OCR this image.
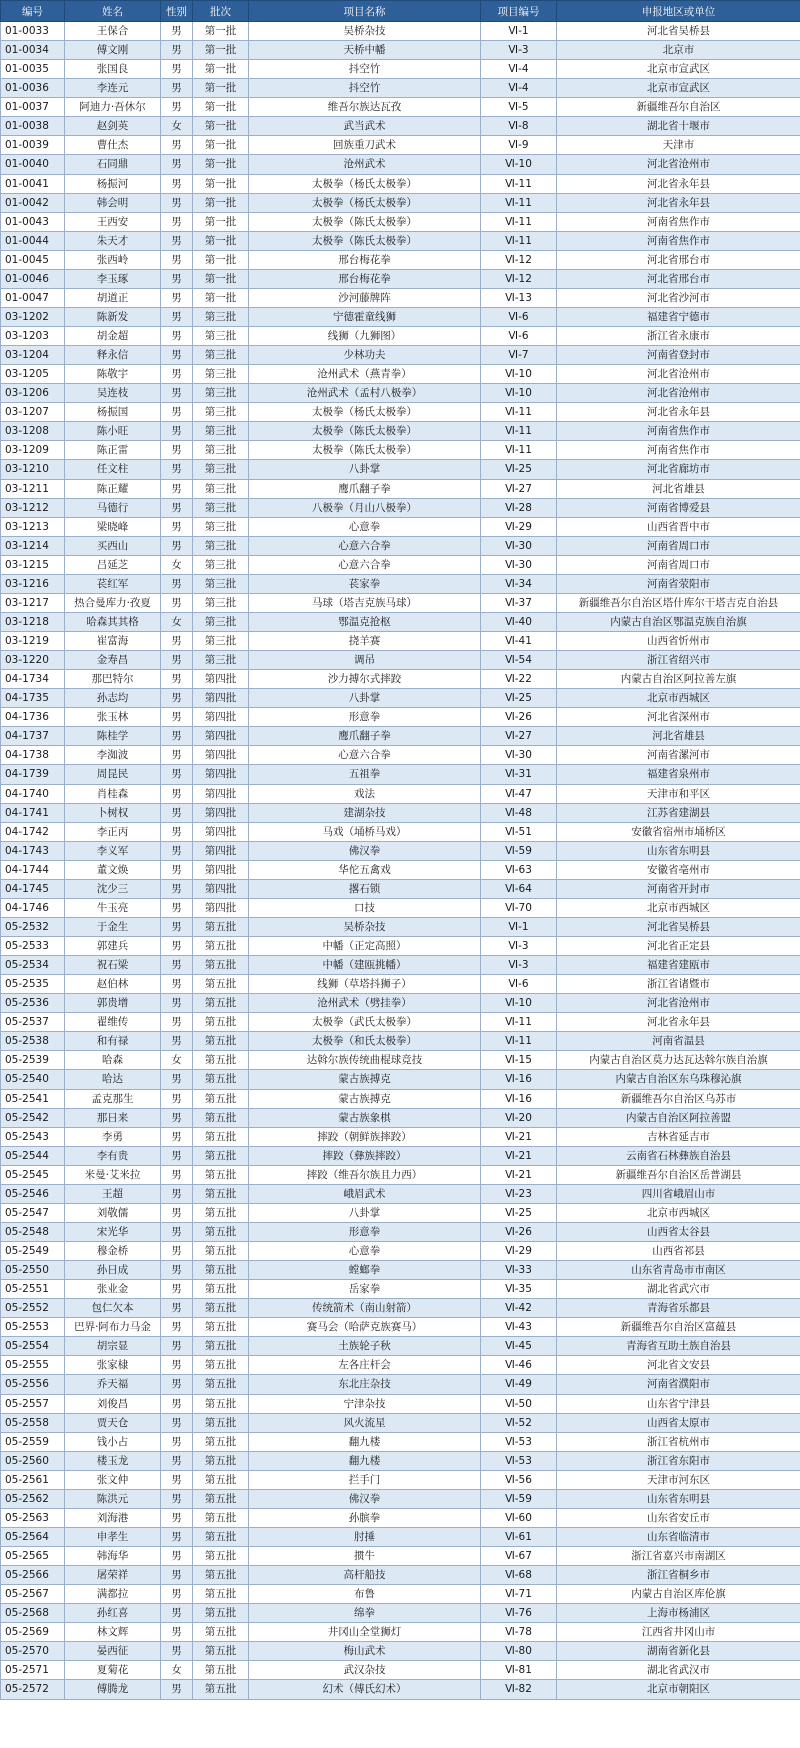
编号	姓名	性别	批次	项目名称	项目编号	申报地区或单位
01-0033	王保合	男	第一批	吴桥杂技	Ⅵ-1	河北省吴桥县
01-0034	傅文刚	男	第一批	天桥中幡	Ⅵ-3	北京市
01-0035	张国良	男	第一批	抖空竹	Ⅵ-4	北京市宣武区
01-0036	李连元	男	第一批	抖空竹	Ⅵ-4	北京市宣武区
01-0037	阿迪力·吾休尔	男	第一批	维吾尔族达瓦孜	Ⅵ-5	新疆维吾尔自治区
01-0038	赵剑英	女	第一批	武当武术	Ⅵ-8	湖北省十堰市
01-0039	曹仕杰	男	第一批	回族重刀武术	Ⅵ-9	天津市
01-0040	石同鼎	男	第一批	沧州武术	Ⅵ-10	河北省沧州市
01-0041	杨振河	男	第一批	太极拳（杨氏太极拳）	Ⅵ-11	河北省永年县
01-0042	韩会明	男	第一批	太极拳（杨氏太极拳）	Ⅵ-11	河北省永年县
01-0043	王西安	男	第一批	太极拳（陈氏太极拳）	Ⅵ-11	河南省焦作市
01-0044	朱天才	男	第一批	太极拳（陈氏太极拳）	Ⅵ-11	河南省焦作市
01-0045	张西岭	男	第一批	邢台梅花拳	Ⅵ-12	河北省邢台市
01-0046	李玉琢	男	第一批	邢台梅花拳	Ⅵ-12	河北省邢台市
01-0047	胡道正	男	第一批	沙河藤牌阵	Ⅵ-13	河北省沙河市
03-1202	陈新发	男	第三批	宁德霍童线狮	Ⅵ-6	福建省宁德市
03-1203	胡金超	男	第三批	线狮（九狮图）	Ⅵ-6	浙江省永康市
03-1204	释永信	男	第三批	少林功夫	Ⅵ-7	河南省登封市
03-1205	陈敬宇	男	第三批	沧州武术（燕青拳）	Ⅵ-10	河北省沧州市
03-1206	吴连枝	男	第三批	沧州武术（孟村八极拳）	Ⅵ-10	河北省沧州市
03-1207	杨振国	男	第三批	太极拳（杨氏太极拳）	Ⅵ-11	河北省永年县
03-1208	陈小旺	男	第三批	太极拳（陈氏太极拳）	Ⅵ-11	河南省焦作市
03-1209	陈正雷	男	第三批	太极拳（陈氏太极拳）	Ⅵ-11	河南省焦作市
03-1210	任文柱	男	第三批	八卦掌	Ⅵ-25	河北省廊坊市
03-1211	陈正耀	男	第三批	鹰爪翻子拳	Ⅵ-27	河北省雄县
03-1212	马德行	男	第三批	八极拳（月山八极拳）	Ⅵ-28	河南省博爱县
03-1213	梁晓峰	男	第三批	心意拳	Ⅵ-29	山西省晋中市
03-1214	买西山	男	第三批	心意六合拳	Ⅵ-30	河南省周口市
03-1215	吕延芝	女	第三批	心意六合拳	Ⅵ-30	河南省周口市
03-1216	苌红军	男	第三批	苌家拳	Ⅵ-34	河南省荥阳市
03-1217	热合曼库力·孜夏	男	第三批	马球（塔吉克族马球）	Ⅵ-37	新疆维吾尔自治区塔什库尔干塔吉克自治县
03-1218	哈森其其格	女	第三批	鄂温克抢枢	Ⅵ-40	内蒙古自治区鄂温克族自治旗
03-1219	崔富海	男	第三批	挠羊赛	Ⅵ-41	山西省忻州市
03-1220	金寿昌	男	第三批	调吊	Ⅵ-54	浙江省绍兴市
04-1734	那巴特尔	男	第四批	沙力搏尔式摔跤	Ⅵ-22	内蒙古自治区阿拉善左旗
04-1735	孙志均	男	第四批	八卦掌	Ⅵ-25	北京市西城区
04-1736	张玉林	男	第四批	形意拳	Ⅵ-26	河北省深州市
04-1737	陈桂学	男	第四批	鹰爪翻子拳	Ⅵ-27	河北省雄县
04-1738	李洳波	男	第四批	心意六合拳	Ⅵ-30	河南省漯河市
04-1739	周昆民	男	第四批	五祖拳	Ⅵ-31	福建省泉州市
04-1740	肖桂森	男	第四批	戏法	Ⅵ-47	天津市和平区
04-1741	卜树权	男	第四批	建湖杂技	Ⅵ-48	江苏省建湖县
04-1742	李正丙	男	第四批	马戏（埇桥马戏）	Ⅵ-51	安徽省宿州市埇桥区
04-1743	李义军	男	第四批	佛汉拳	Ⅵ-59	山东省东明县
04-1744	董文焕	男	第四批	华佗五禽戏	Ⅵ-63	安徽省亳州市
04-1745	沈少三	男	第四批	撂石锁	Ⅵ-64	河南省开封市
04-1746	牛玉亮	男	第四批	口技	Ⅵ-70	北京市西城区
05-2532	于金生	男	第五批	吴桥杂技	Ⅵ-1	河北省吴桥县
05-2533	郭建兵	男	第五批	中幡（正定高照）	Ⅵ-3	河北省正定县
05-2534	祝石梁	男	第五批	中幡（建瓯挑幡）	Ⅵ-3	福建省建瓯市
05-2535	赵伯林	男	第五批	线狮（草塔抖狮子）	Ⅵ-6	浙江省诸暨市
05-2536	郭贵增	男	第五批	沧州武术（劈挂拳）	Ⅵ-10	河北省沧州市
05-2537	翟维传	男	第五批	太极拳（武氏太极拳）	Ⅵ-11	河北省永年县
05-2538	和有禄	男	第五批	太极拳（和氏太极拳）	Ⅵ-11	河南省温县
05-2539	哈森	女	第五批	达斡尔族传统曲棍球竞技	Ⅵ-15	内蒙古自治区莫力达瓦达斡尔族自治旗
05-2540	哈达	男	第五批	蒙古族搏克	Ⅵ-16	内蒙古自治区东乌珠穆沁旗
05-2541	孟克那生	男	第五批	蒙古族搏克	Ⅵ-16	新疆维吾尔自治区乌苏市
05-2542	那日来	男	第五批	蒙古族象棋	Ⅵ-20	内蒙古自治区阿拉善盟
05-2543	李勇	男	第五批	摔跤（朝鲜族摔跤）	Ⅵ-21	吉林省延吉市
05-2544	李有贵	男	第五批	摔跤（彝族摔跤）	Ⅵ-21	云南省石林彝族自治县
05-2545	米曼·艾米拉	男	第五批	摔跤（维吾尔族且力西）	Ⅵ-21	新疆维吾尔自治区岳普湖县
05-2546	王超	男	第五批	峨眉武术	Ⅵ-23	四川省峨眉山市
05-2547	刘敬儒	男	第五批	八卦掌	Ⅵ-25	北京市西城区
05-2548	宋光华	男	第五批	形意拳	Ⅵ-26	山西省太谷县
05-2549	穆金桥	男	第五批	心意拳	Ⅵ-29	山西省祁县
05-2550	孙日成	男	第五批	螳螂拳	Ⅵ-33	山东省青岛市市南区
05-2551	张业金	男	第五批	岳家拳	Ⅵ-35	湖北省武穴市
05-2552	包仁欠本	男	第五批	传统箭术（南山射箭）	Ⅵ-42	青海省乐都县
05-2553	巴界·阿布力马金	男	第五批	赛马会（哈萨克族赛马）	Ⅵ-43	新疆维吾尔自治区富蕴县
05-2554	胡宗显	男	第五批	土族轮子秋	Ⅵ-45	青海省互助土族自治县
05-2555	张家棣	男	第五批	左各庄杆会	Ⅵ-46	河北省文安县
05-2556	乔天福	男	第五批	东北庄杂技	Ⅵ-49	河南省濮阳市
05-2557	刘俊昌	男	第五批	宁津杂技	Ⅵ-50	山东省宁津县
05-2558	贾天仓	男	第五批	风火流星	Ⅵ-52	山西省太原市
05-2559	钱小占	男	第五批	翻九楼	Ⅵ-53	浙江省杭州市
05-2560	楼玉龙	男	第五批	翻九楼	Ⅵ-53	浙江省东阳市
05-2561	张文仲	男	第五批	拦手门	Ⅵ-56	天津市河东区
05-2562	陈洪元	男	第五批	佛汉拳	Ⅵ-59	山东省东明县
05-2563	刘海港	男	第五批	孙膑拳	Ⅵ-60	山东省安丘市
05-2564	申孝生	男	第五批	肘捶	Ⅵ-61	山东省临清市
05-2565	韩海华	男	第五批	掼牛	Ⅵ-67	浙江省嘉兴市南湖区
05-2566	屠荣祥	男	第五批	高杆船技	Ⅵ-68	浙江省桐乡市
05-2567	满都拉	男	第五批	布鲁	Ⅵ-71	内蒙古自治区库伦旗
05-2568	孙红喜	男	第五批	绵拳	Ⅵ-76	上海市杨浦区
05-2569	林文辉	男	第五批	井冈山全堂狮灯	Ⅵ-78	江西省井冈山市
05-2570	晏西征	男	第五批	梅山武术	Ⅵ-80	湖南省新化县
05-2571	夏菊花	女	第五批	武汉杂技	Ⅵ-81	湖北省武汉市
05-2572	傅腾龙	男	第五批	幻术（傅氏幻术）	Ⅵ-82	北京市朝阳区
